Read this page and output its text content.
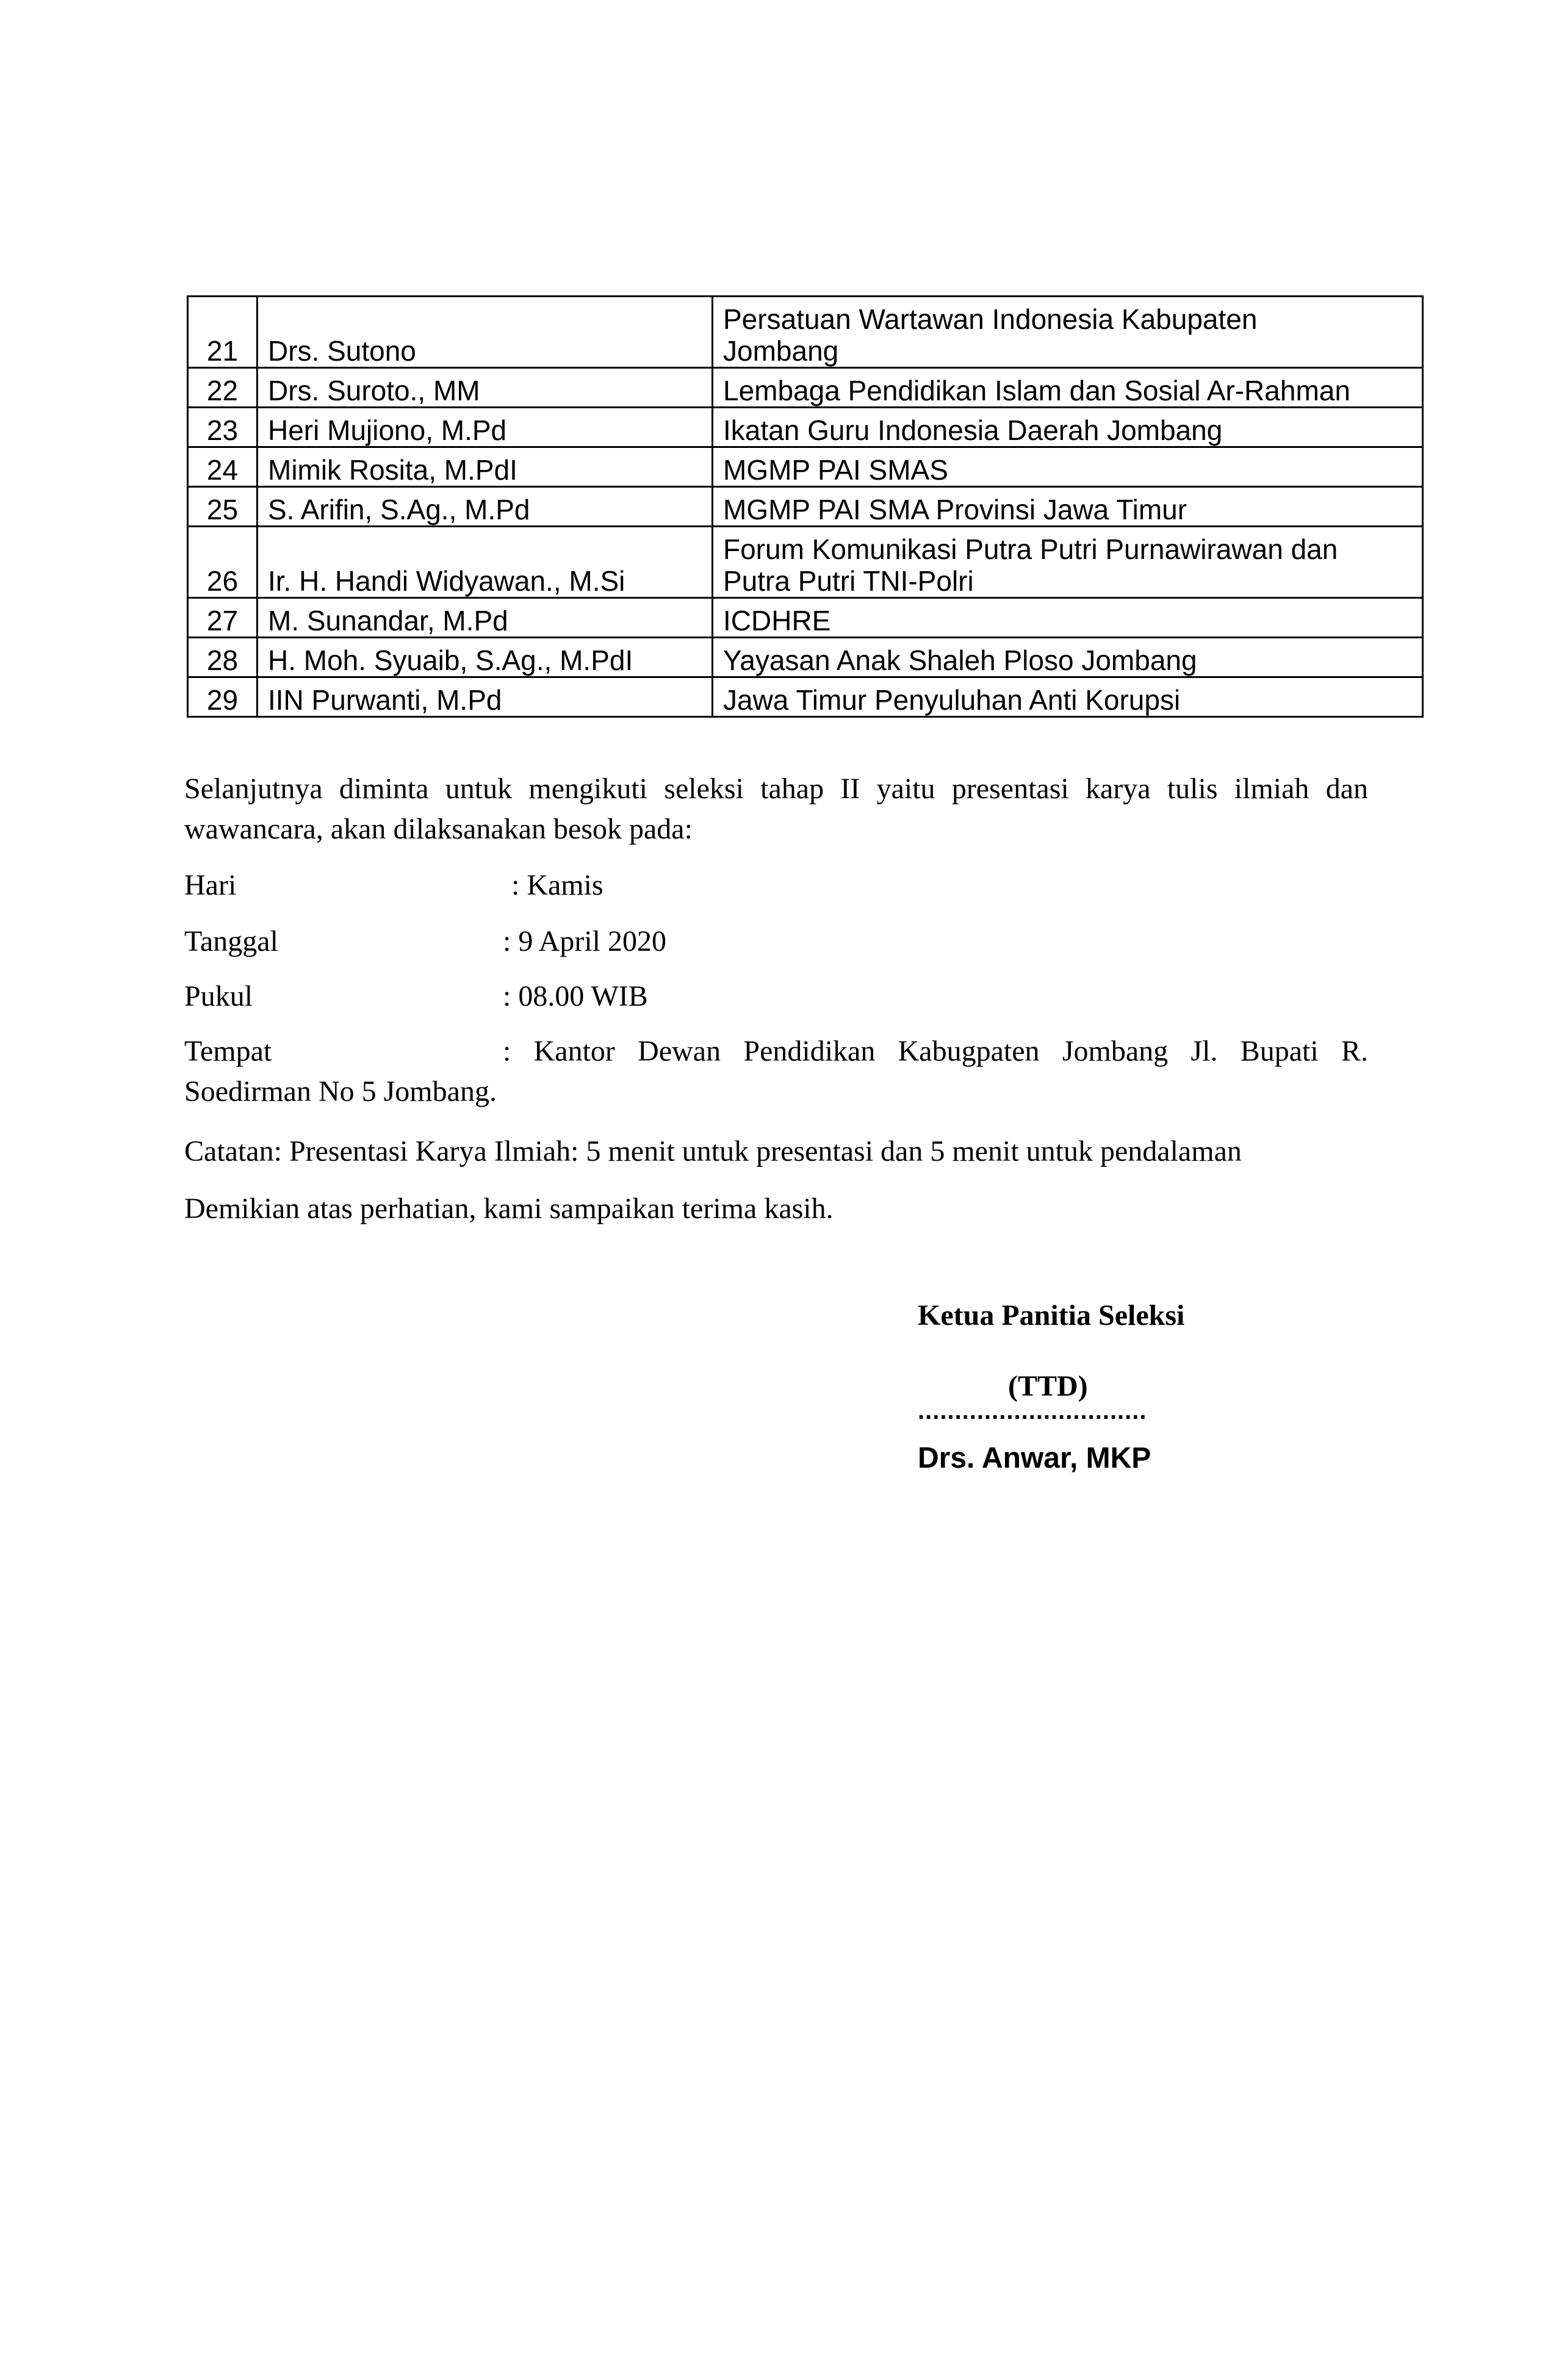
21	Drs. Sutono	Persatuan Wartawan Indonesia Kabupaten
Jombang
22	Drs. Suroto., MM	Lembaga Pendidikan Islam dan Sosial Ar-Rahman
23	Heri Mujiono, M.Pd	Ikatan Guru Indonesia Daerah Jombang
24	Mimik Rosita, M.PdI	MGMP PAI SMAS
25	S. Arifin, S.Ag., M.Pd	MGMP PAI SMA Provinsi Jawa Timur
26	Ir. H. Handi Widyawan., M.Si	Forum Komunikasi Putra Putri Purnawirawan dan
Putra Putri TNI-Polri
27	M. Sunandar, M.Pd	ICDHRE
28	H. Moh. Syuaib, S.Ag., M.PdI	Yayasan Anak Shaleh Ploso Jombang
29	IIN Purwanti, M.Pd	Jawa Timur Penyuluhan Anti Korupsi
Selanjutnya diminta untuk mengikuti seleksi tahap II yaitu presentasi karya tulis ilmiah dan wawancara, akan dilaksanakan besok pada:
Hari	: Kamis
Tanggal	: 9 April 2020
Pukul	: 08.00 WIB
Tempat	: Kantor Dewan Pendidikan Kabugpaten Jombang Jl. Bupati R.
Soedirman No 5 Jombang.
Catatan: Presentasi Karya Ilmiah: 5 menit untuk presentasi dan 5 menit untuk pendalaman
Demikian atas perhatian, kami sampaikan terima kasih.
Ketua Panitia Seleksi
(TTD)
...............................
Drs. Anwar, MKP
